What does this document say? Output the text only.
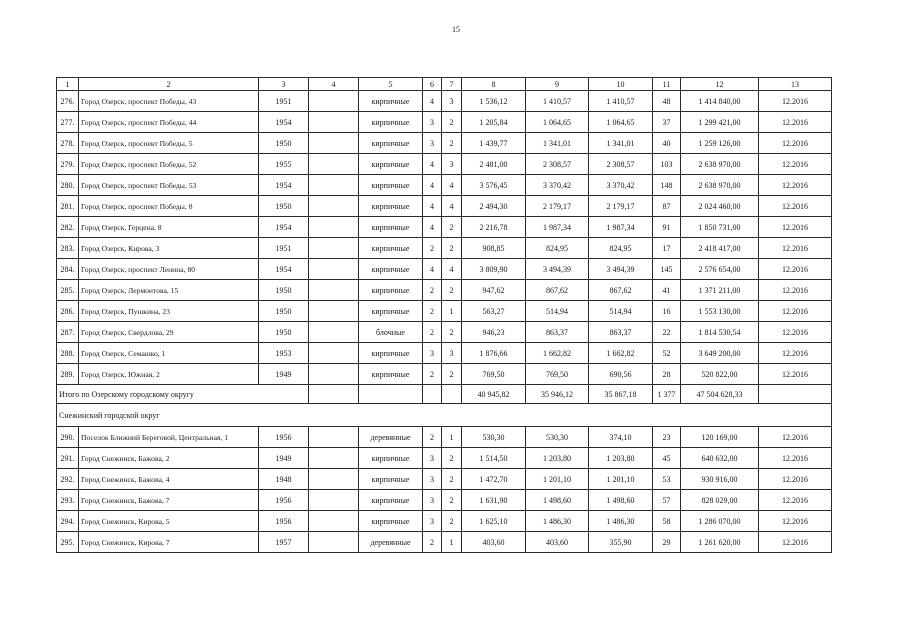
15
1	2	3	4	5	6	7	8	9	10	11	12	13
276.	Город Озерск, проспект Победы, 43	1951		кирпичные	4	3	1 536,12	1 410,57	1 410,57	48	1 414 840,00	12.2016
277.	Город Озерск, проспект Победы, 44	1954		кирпичные	3	2	1 205,84	1 064,65	1 064,65	37	1 299 421,00	12.2016
278.	Город Озерск, проспект Победы, 5	1950		кирпичные	3	2	1 439,77	1 341,01	1 341,01	40	1 259 126,00	12.2016
279.	Город Озерск, проспект Победы, 52	1955		кирпичные	4	3	2 481,00	2 308,57	2 308,57	103	2 638 970,00	12.2016
280.	Город Озерск, проспект Победы, 53	1954		кирпичные	4	4	3 576,45	3 370,42	3 370,42	148	2 638 970,00	12.2016
281.	Город Озерск, проспект Победы, 8	1950		кирпичные	4	4	2 494,30	2 179,17	2 179,17	87	2 024 460,00	12.2016
282.	Город Озерск, Герцена, 8	1954		кирпичные	4	2	2 216,78	1 987,34	1 987,34	91	1 850 731,00	12.2016
283.	Город Озерск, Кирова, 3	1951		кирпичные	2	2	908,85	824,95	824,95	17	2 418 417,00	12.2016
284.	Город Озерск, проспект Ленина, 80	1954		кирпичные	4	4	3 809,90	3 494,39	3 494,39	145	2 576 654,00	12.2016
285.	Город Озерск, Лермонтова, 15	1950		кирпичные	2	2	947,62	867,62	867,62	41	1 371 211,00	12.2016
286.	Город Озерск, Пушкина, 23	1950		кирпичные	2	1	563,27	514,94	514,94	16	1 553 130,00	12.2016
287.	Город Озерск, Свердлова, 29	1950		блочные	2	2	946,23	863,37	863,37	22	1 814 530,54	12.2016
288.	Город Озерск, Семашко, 1	1953		кирпичные	3	3	1 876,66	1 662,82	1 662,82	52	3 649 200,00	12.2016
289.	Город Озерск, Южная, 2	1949		кирпичные	2	2	769,50	769,50	690,56	28	520 822,00	12.2016
Итого по Озерскому городскому округу							40 945,82	35 946,12	35 867,18	1 377	47 504 628,33	
Снежинский городской округ												
290.	Поселок Ближний Береговой, Центральная, 1	1956		деревянные	2	1	530,30	530,30	374,10	23	120 169,00	12.2016
291.	Город Снежинск, Бажова, 2	1949		кирпичные	3	2	1 514,50	1 203,80	1 203,80	45	640 632,00	12.2016
292.	Город Снежинск, Бажова, 4	1948		кирпичные	3	2	1 472,70	1 201,10	1 201,10	53	930 916,00	12.2016
293.	Город Снежинск, Бажова, 7	1956		кирпичные	3	2	1 631,90	1 498,60	1 498,60	57	828 029,00	12.2016
294.	Город Снежинск, Кирова, 5	1956		кирпичные	3	2	1 625,10	1 486,30	1 486,30	58	1 286 070,00	12.2016
295.	Город Снежинск, Кирова, 7	1957		деревянные	2	1	403,60	403,60	355,90	29	1 261 620,00	12.2016
